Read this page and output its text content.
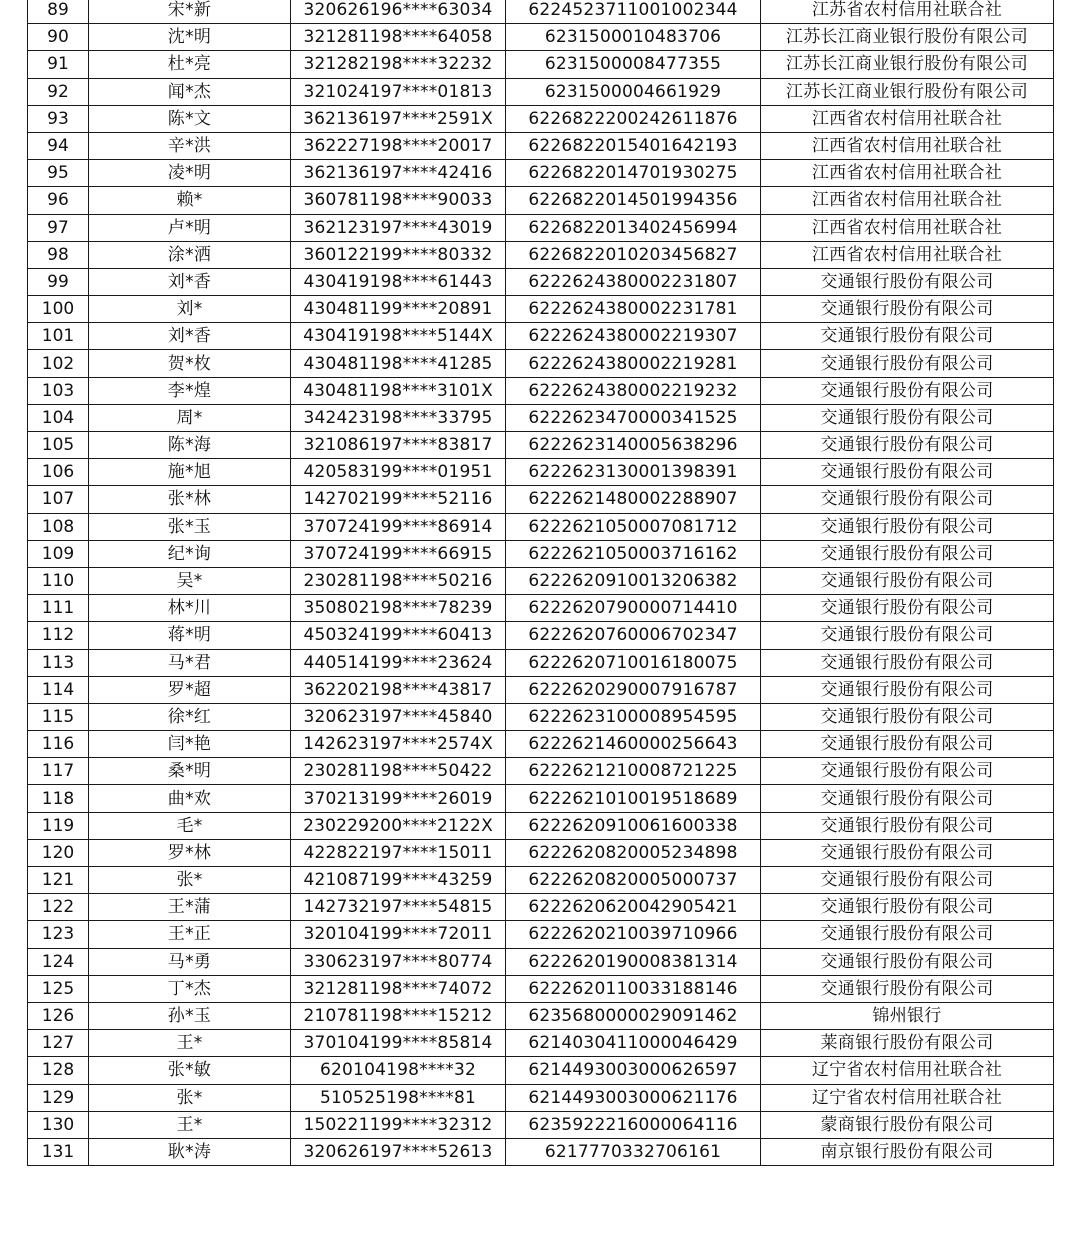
89	宋*新	320626196****63034	6224523711001002344	江苏省农村信用社联合社
90	沈*明	321281198****64058	6231500010483706	江苏长江商业银行股份有限公司
91	杜*亮	321282198****32232	6231500008477355	江苏长江商业银行股份有限公司
92	闻*杰	321024197****01813	6231500004661929	江苏长江商业银行股份有限公司
93	陈*文	362136197****2591X	6226822200242611876	江西省农村信用社联合社
94	辛*洪	362227198****20017	6226822015401642193	江西省农村信用社联合社
95	凌*明	362136197****42416	6226822014701930275	江西省农村信用社联合社
96	赖*	360781198****90033	6226822014501994356	江西省农村信用社联合社
97	卢*明	362123197****43019	6226822013402456994	江西省农村信用社联合社
98	涂*洒	360122199****80332	6226822010203456827	江西省农村信用社联合社
99	刘*香	430419198****61443	6222624380002231807	交通银行股份有限公司
100	刘*	430481199****20891	6222624380002231781	交通银行股份有限公司
101	刘*香	430419198****5144X	6222624380002219307	交通银行股份有限公司
102	贺*枚	430481198****41285	6222624380002219281	交通银行股份有限公司
103	李*煌	430481198****3101X	6222624380002219232	交通银行股份有限公司
104	周*	342423198****33795	6222623470000341525	交通银行股份有限公司
105	陈*海	321086197****83817	6222623140005638296	交通银行股份有限公司
106	施*旭	420583199****01951	6222623130001398391	交通银行股份有限公司
107	张*林	142702199****52116	6222621480002288907	交通银行股份有限公司
108	张*玉	370724199****86914	6222621050007081712	交通银行股份有限公司
109	纪*询	370724199****66915	6222621050003716162	交通银行股份有限公司
110	吴*	230281198****50216	6222620910013206382	交通银行股份有限公司
111	林*川	350802198****78239	6222620790000714410	交通银行股份有限公司
112	蒋*明	450324199****60413	6222620760006702347	交通银行股份有限公司
113	马*君	440514199****23624	6222620710016180075	交通银行股份有限公司
114	罗*超	362202198****43817	6222620290007916787	交通银行股份有限公司
115	徐*红	320623197****45840	6222623100008954595	交通银行股份有限公司
116	闫*艳	142623197****2574X	6222621460000256643	交通银行股份有限公司
117	桑*明	230281198****50422	6222621210008721225	交通银行股份有限公司
118	曲*欢	370213199****26019	6222621010019518689	交通银行股份有限公司
119	毛*	230229200****2122X	6222620910061600338	交通银行股份有限公司
120	罗*林	422822197****15011	6222620820005234898	交通银行股份有限公司
121	张*	421087199****43259	6222620820005000737	交通银行股份有限公司
122	王*蒲	142732197****54815	6222620620042905421	交通银行股份有限公司
123	王*正	320104199****72011	6222620210039710966	交通银行股份有限公司
124	马*勇	330623197****80774	6222620190008381314	交通银行股份有限公司
125	丁*杰	321281198****74072	6222620110033188146	交通银行股份有限公司
126	孙*玉	210781198****15212	6235680000029091462	锦州银行
127	王*	370104199****85814	6214030411000046429	莱商银行股份有限公司
128	张*敏	620104198****32	6214493003000626597	辽宁省农村信用社联合社
129	张*	510525198****81	6214493003000621176	辽宁省农村信用社联合社
130	王*	150221199****32312	6235922216000064116	蒙商银行股份有限公司
131	耿*涛	320626197****52613	6217770332706161	南京银行股份有限公司
